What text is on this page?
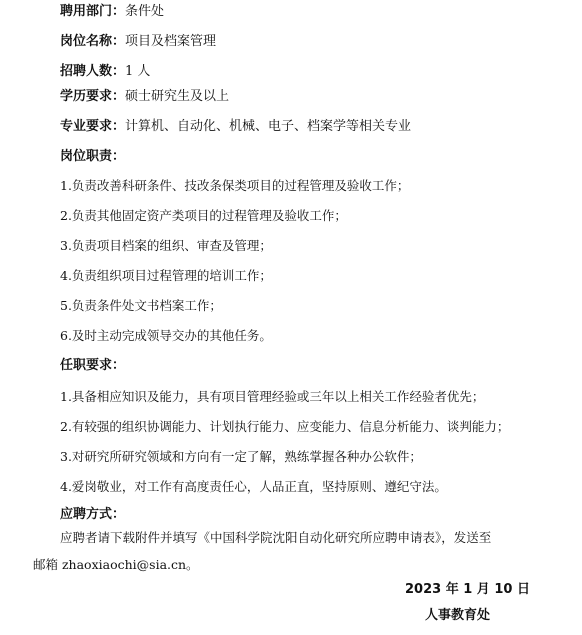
聘用部门：条件处
岗位名称：项目及档案管理
招聘人数：1 人
学历要求：硕士研究生及以上
专业要求：计算机、自动化、机械、电子、档案学等相关专业
岗位职责：
1.负责改善科研条件、技改条保类项目的过程管理及验收工作；
2.负责其他固定资产类项目的过程管理及验收工作；
3.负责项目档案的组织、审查及管理；
4.负责组织项目过程管理的培训工作；
5.负责条件处文书档案工作；
6.及时主动完成领导交办的其他任务。
任职要求：
1.具备相应知识及能力，具有项目管理经验或三年以上相关工作经验者优先；
2.有较强的组织协调能力、计划执行能力、应变能力、信息分析能力、谈判能力；
3.对研究所研究领域和方向有一定了解，熟练掌握各种办公软件；
4.爱岗敬业，对工作有高度责任心，人品正直，坚持原则、遵纪守法。
应聘方式：
应聘者请下载附件并填写《中国科学院沈阳自动化研究所应聘申请表》，发送至
邮箱 zhaoxiaochi@sia.cn。
2023 年 1 月 10 日
人事教育处
